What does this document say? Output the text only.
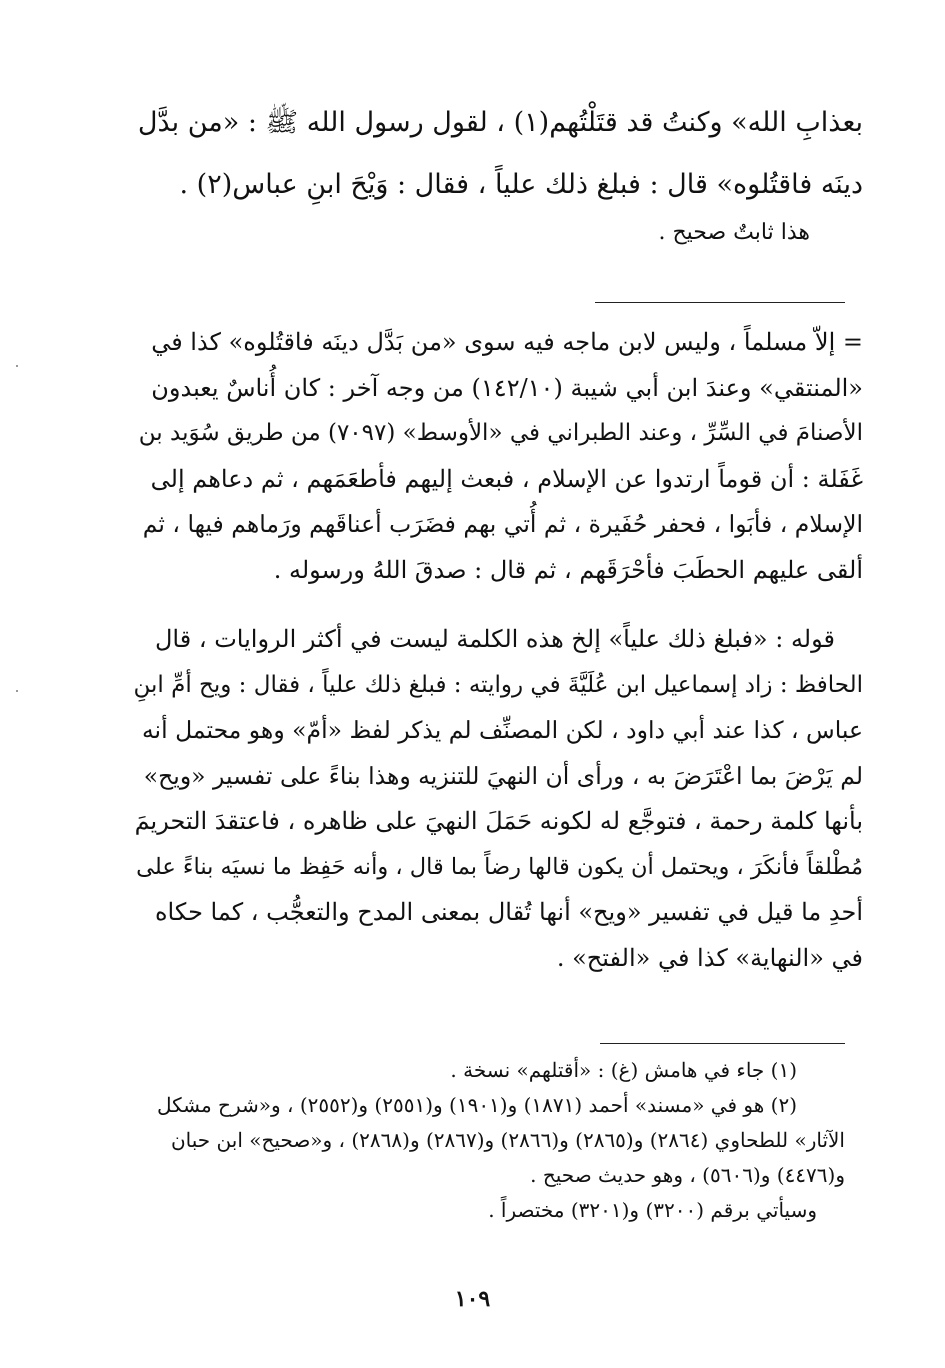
بعذابِ الله» وكنتُ قد قتَلْتُهم(١) ، لقول رسول الله ﷺ : «من بدَّل
دينَه فاقتُلوه» قال : فبلغ ذلك علياً ، فقال : وَيْحَ ابنِ عباس(٢) .
هذا ثابتٌ صحيح .
= إلاّ مسلماً ، وليس لابن ماجه فيه سوى «من بَدَّل دينَه فاقتُلوه» كذا في
«المنتقي» وعندَ ابن أبي شيبة (١٤٢/١٠) من وجه آخر : كان أُناسٌ يعبدون
الأصنامَ في السِّرِّ ، وعند الطبراني في «الأوسط» (٧٠٩٧) من طريق سُوَيد بن
غَفَلة : أن قوماً ارتدوا عن الإسلام ، فبعث إليهم فأطعَمَهم ، ثم دعاهم إلى
الإسلام ، فأبَوا ، فحفر حُفَيرة ، ثم أُتي بهم فضَرَب أعناقَهم ورَماهم فيها ، ثم
ألقى عليهم الحطَبَ فأحْرَقَهم ، ثم قال : صدقَ اللهُ ورسوله .
قوله : «فبلغ ذلك علياً» إلخ هذه الكلمة ليست في أكثر الروايات ، قال
الحافظ : زاد إسماعيل ابن عُلَيَّةَ في روايته : فبلغ ذلك علياً ، فقال : ويح أمِّ ابنِ
عباس ، كذا عند أبي داود ، لكن المصنِّف لم يذكر لفظ «أمّ» وهو محتمل أنه
لم يَرْضَ بما اعْتَرَضَ به ، ورأى أن النهيَ للتنزيه وهذا بناءً على تفسير «ويح»
بأنها كلمة رحمة ، فتوجَّع له لكونه حَمَلَ النهيَ على ظاهره ، فاعتقدَ التحريمَ
مُطْلقاً فأنكَرَ ، ويحتمل أن يكون قالها رضاً بما قال ، وأنه حَفِظ ما نسيَه بناءً على
أحدِ ما قيل في تفسير «ويح» أنها تُقال بمعنى المدح والتعجُّب ، كما حكاه
في «النهاية» كذا في «الفتح» .
(١) جاء في هامش (غ) : «أقتلهم» نسخة .
(٢) هو في «مسند» أحمد (١٨٧١) و(١٩٠١) و(٢٥٥١) و(٢٥٥٢) ، و«شرح مشكل
الآثار» للطحاوي (٢٨٦٤) و(٢٨٦٥) و(٢٨٦٦) و(٢٨٦٧) و(٢٨٦٨) ، و«صحيح» ابن حبان
و(٤٤٧٦) و(٥٦٠٦) ، وهو حديث صحيح .
وسيأتي برقم (٣٢٠٠) و(٣٢٠١) مختصراً .
١٠٩
